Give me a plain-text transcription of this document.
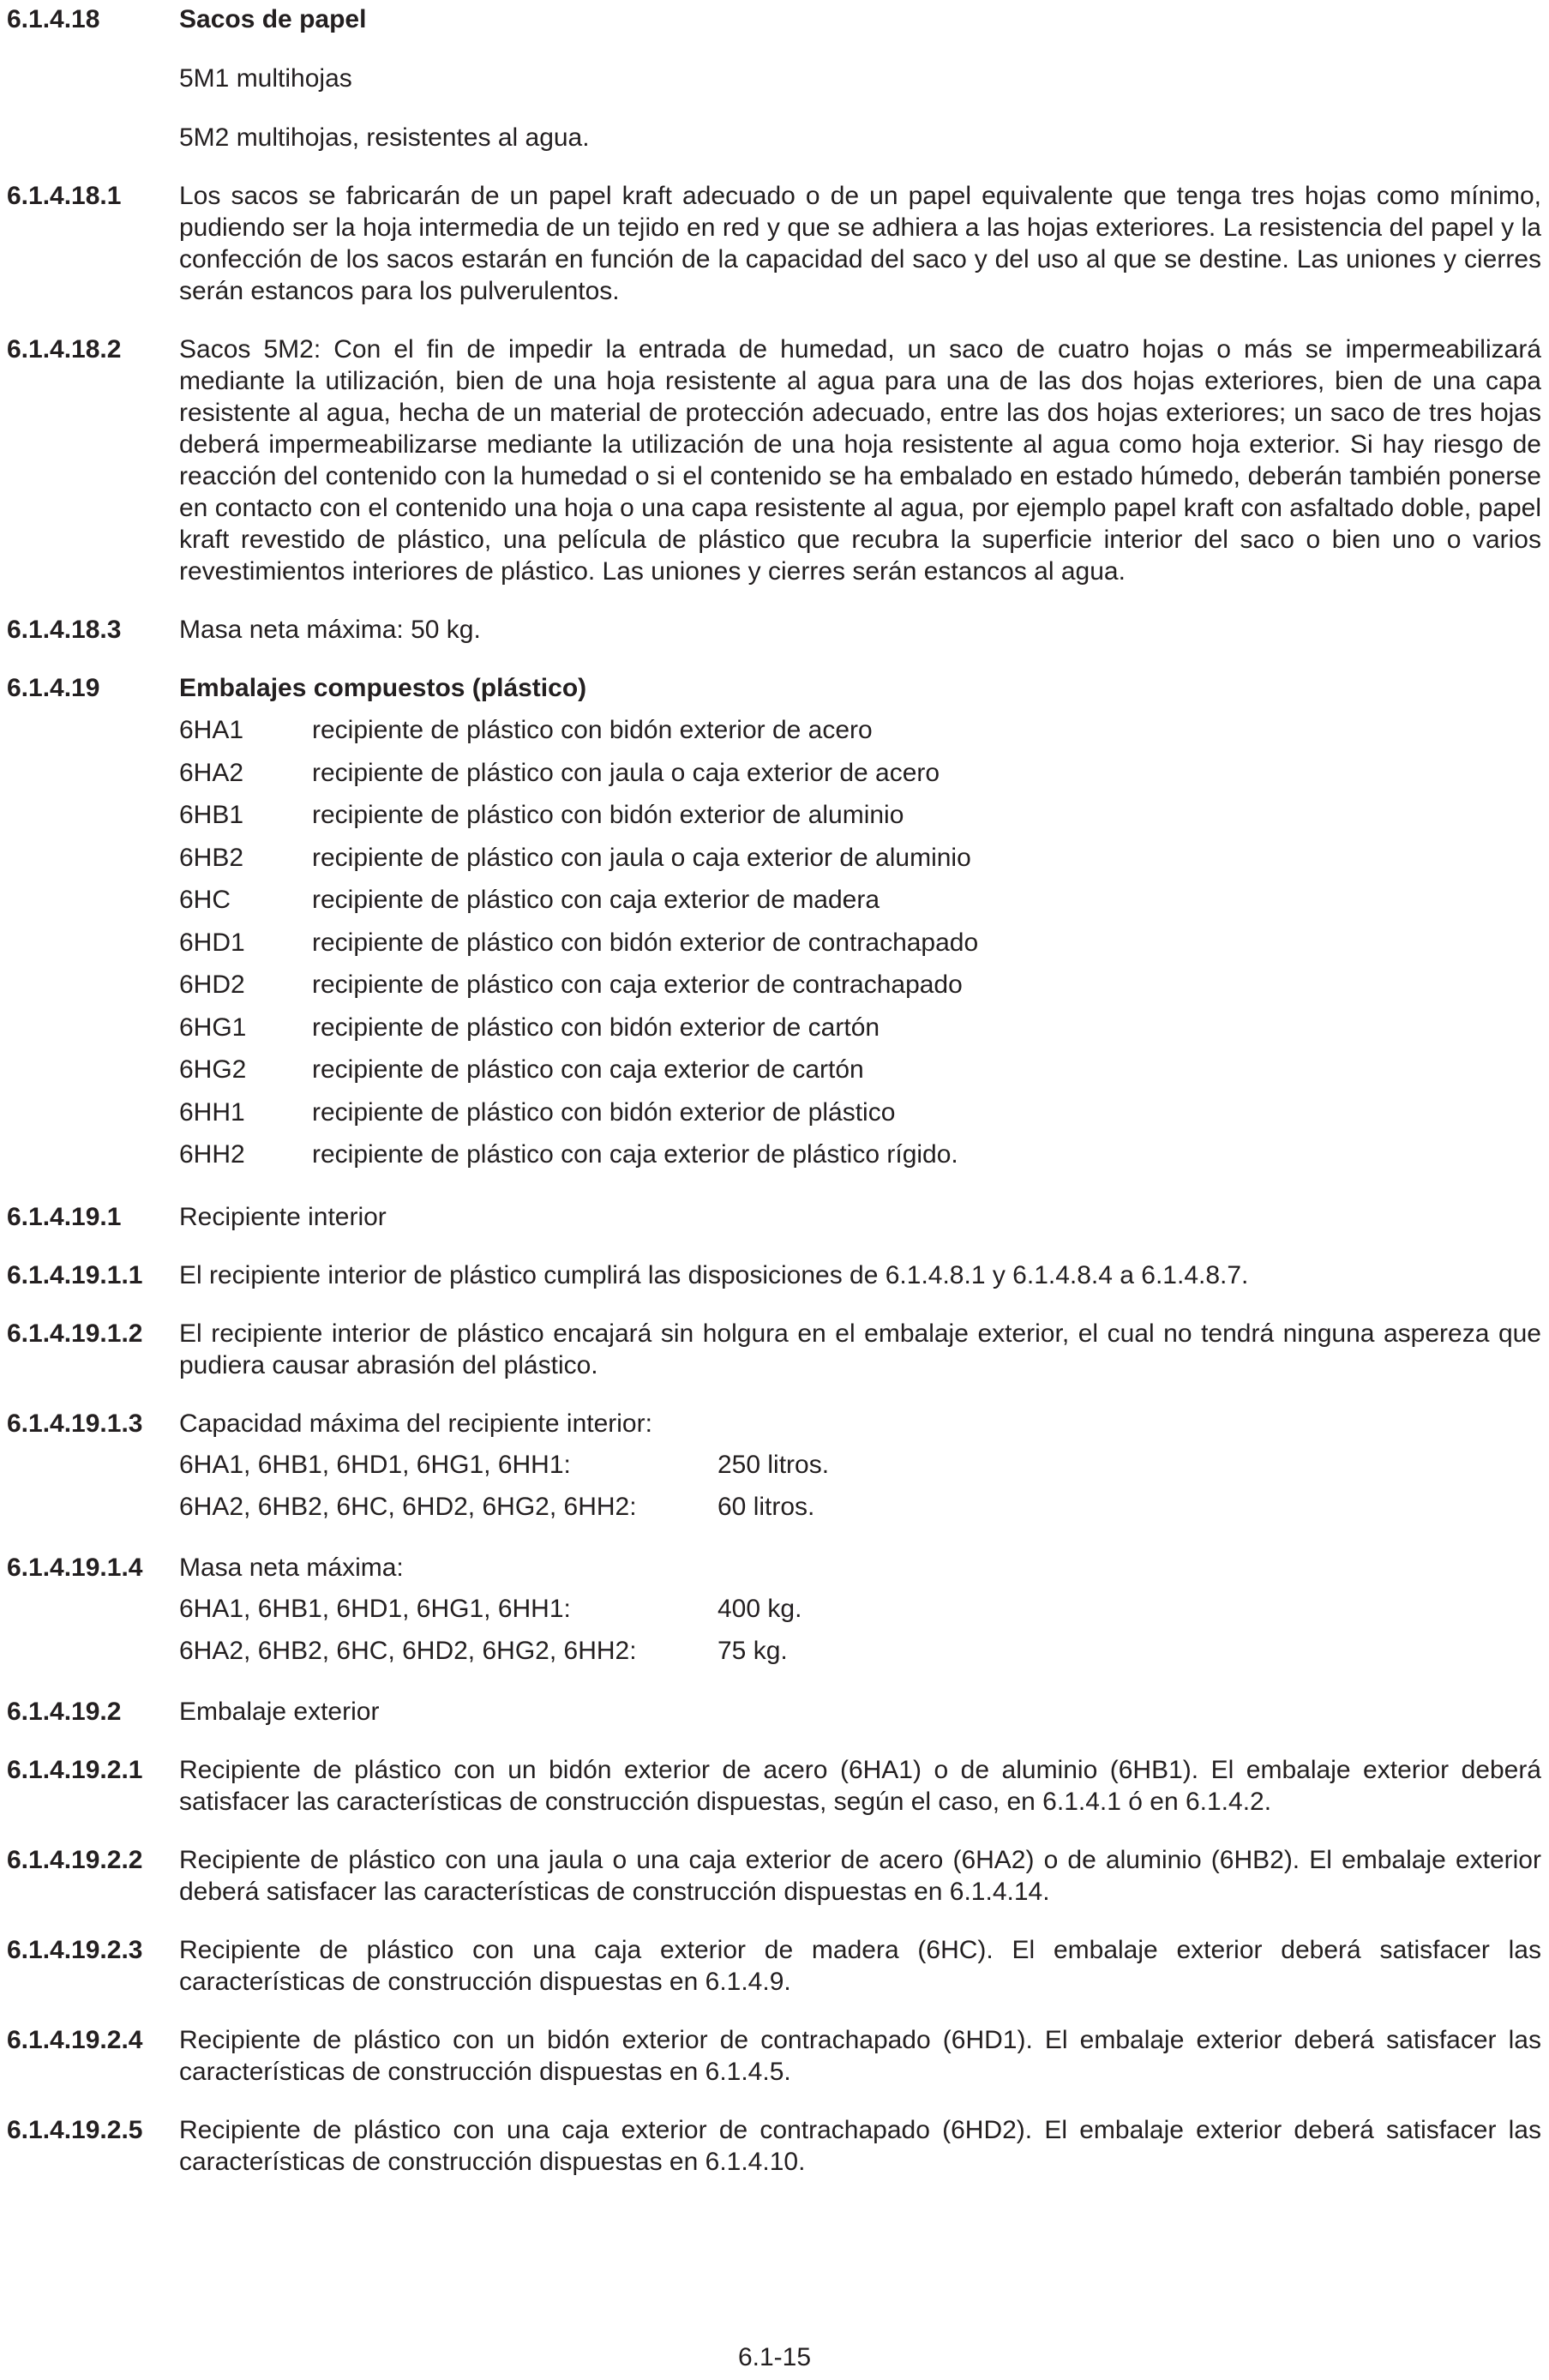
6.1.4.18	Sacos de papel
5M1 multihojas
5M2 multihojas, resistentes al agua.
6.1.4.18.1 Los sacos se fabricarán de un papel kraft adecuado o de un papel equivalente que tenga tres hojas como mínimo, pudiendo ser la hoja intermedia de un tejido en red y que se adhiera a las hojas exteriores. La resistencia del papel y la confección de los sacos estarán en función de la capacidad del saco y del uso al que se destine. Las uniones y cierres serán estancos para los pulverulentos.
6.1.4.18.2 Sacos 5M2: Con el fin de impedir la entrada de humedad, un saco de cuatro hojas o más se impermeabilizará mediante la utilización, bien de una hoja resistente al agua para una de las dos hojas exteriores, bien de una capa resistente al agua, hecha de un material de protección adecuado, entre las dos hojas exteriores; un saco de tres hojas deberá impermeabilizarse mediante la utilización de una hoja resistente al agua como hoja exterior. Si hay riesgo de reacción del contenido con la humedad o si el contenido se ha embalado en estado húmedo, deberán también ponerse en contacto con el contenido una hoja o una capa resistente al agua, por ejemplo papel kraft con asfaltado doble, papel kraft revestido de plástico, una película de plástico que recubra la superficie interior del saco o bien uno o varios revestimientos interiores de plástico. Las uniones y cierres serán estancos al agua.
6.1.4.18.3 Masa neta máxima: 50 kg.
6.1.4.19	Embalajes compuestos (plástico)
6HA1	recipiente de plástico con bidón exterior de acero
6HA2	recipiente de plástico con jaula o caja exterior de acero
6HB1	recipiente de plástico con bidón exterior de aluminio
6HB2	recipiente de plástico con jaula o caja exterior de aluminio
6HC	recipiente de plástico con caja exterior de madera
6HD1	recipiente de plástico con bidón exterior de contrachapado
6HD2	recipiente de plástico con caja exterior de contrachapado
6HG1	recipiente de plástico con bidón exterior de cartón
6HG2	recipiente de plástico con caja exterior de cartón
6HH1	recipiente de plástico con bidón exterior de plástico
6HH2	recipiente de plástico con caja exterior de plástico rígido.
6.1.4.19.1 Recipiente interior
6.1.4.19.1.1 El recipiente interior de plástico cumplirá las disposiciones de 6.1.4.8.1 y 6.1.4.8.4 a 6.1.4.8.7.
6.1.4.19.1.2 El recipiente interior de plástico encajará sin holgura en el embalaje exterior, el cual no tendrá ninguna aspereza que pudiera causar abrasión del plástico.
6.1.4.19.1.3 Capacidad máxima del recipiente interior:
6HA1, 6HB1, 6HD1, 6HG1, 6HH1:	250 litros.
6HA2, 6HB2, 6HC, 6HD2, 6HG2, 6HH2:	60 litros.
6.1.4.19.1.4 Masa neta máxima:
6HA1, 6HB1, 6HD1, 6HG1, 6HH1:	400 kg.
6HA2, 6HB2, 6HC, 6HD2, 6HG2, 6HH2:	75 kg.
6.1.4.19.2 Embalaje exterior
6.1.4.19.2.1 Recipiente de plástico con un bidón exterior de acero (6HA1) o de aluminio (6HB1). El embalaje exterior deberá satisfacer las características de construcción dispuestas, según el caso, en 6.1.4.1 ó en 6.1.4.2.
6.1.4.19.2.2 Recipiente de plástico con una jaula o una caja exterior de acero (6HA2) o de aluminio (6HB2). El embalaje exterior deberá satisfacer las características de construcción dispuestas en 6.1.4.14.
6.1.4.19.2.3 Recipiente de plástico con una caja exterior de madera (6HC). El embalaje exterior deberá satisfacer las características de construcción dispuestas en 6.1.4.9.
6.1.4.19.2.4 Recipiente de plástico con un bidón exterior de contrachapado (6HD1). El embalaje exterior deberá satisfacer las características de construcción dispuestas en 6.1.4.5.
6.1.4.19.2.5 Recipiente de plástico con una caja exterior de contrachapado (6HD2). El embalaje exterior deberá satisfacer las características de construcción dispuestas en 6.1.4.10.
6.1-15
